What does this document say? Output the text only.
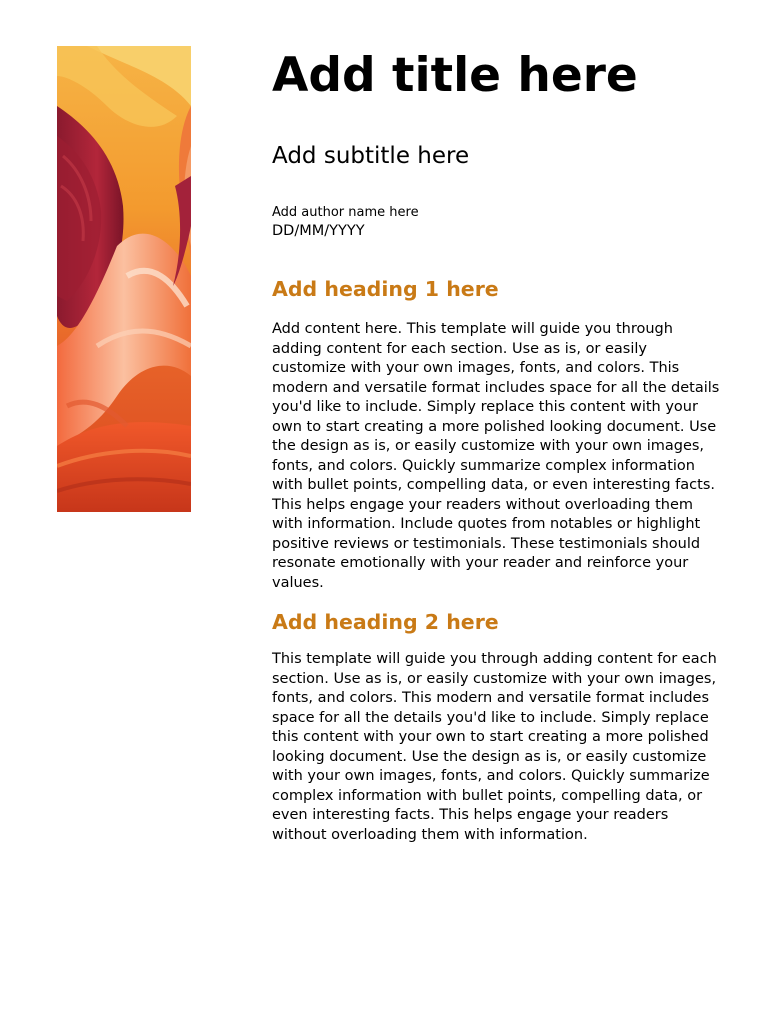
Add title here
Add subtitle here
Add author name here
DD/MM/YYYY
Add heading 1 here

Add content here. This template will guide you through adding content for each section. Use as is, or easily customize with your own images, fonts, and colors. This modern and versatile format includes space for all the details you'd like to include. Simply replace this content with your own to start creating a more polished looking document. Use the design as is, or easily customize with your own images, fonts, and colors. Quickly summarize complex information with bullet points, compelling data, or even interesting facts. This helps engage your readers without overloading them with information. Include quotes from notables or highlight positive reviews or testimonials. These testimonials should resonate emotionally with your reader and reinforce your values.

Add heading 2 here

This template will guide you through adding content for each section. Use as is, or easily customize with your own images, fonts, and colors. This modern and versatile format includes space for all the details you'd like to include. Simply replace this content with your own to start creating a more polished looking document. Use the design as is, or easily customize with your own images, fonts, and colors. Quickly summarize complex information with bullet points, compelling data, or even interesting facts. This helps engage your readers without overloading them with information.
